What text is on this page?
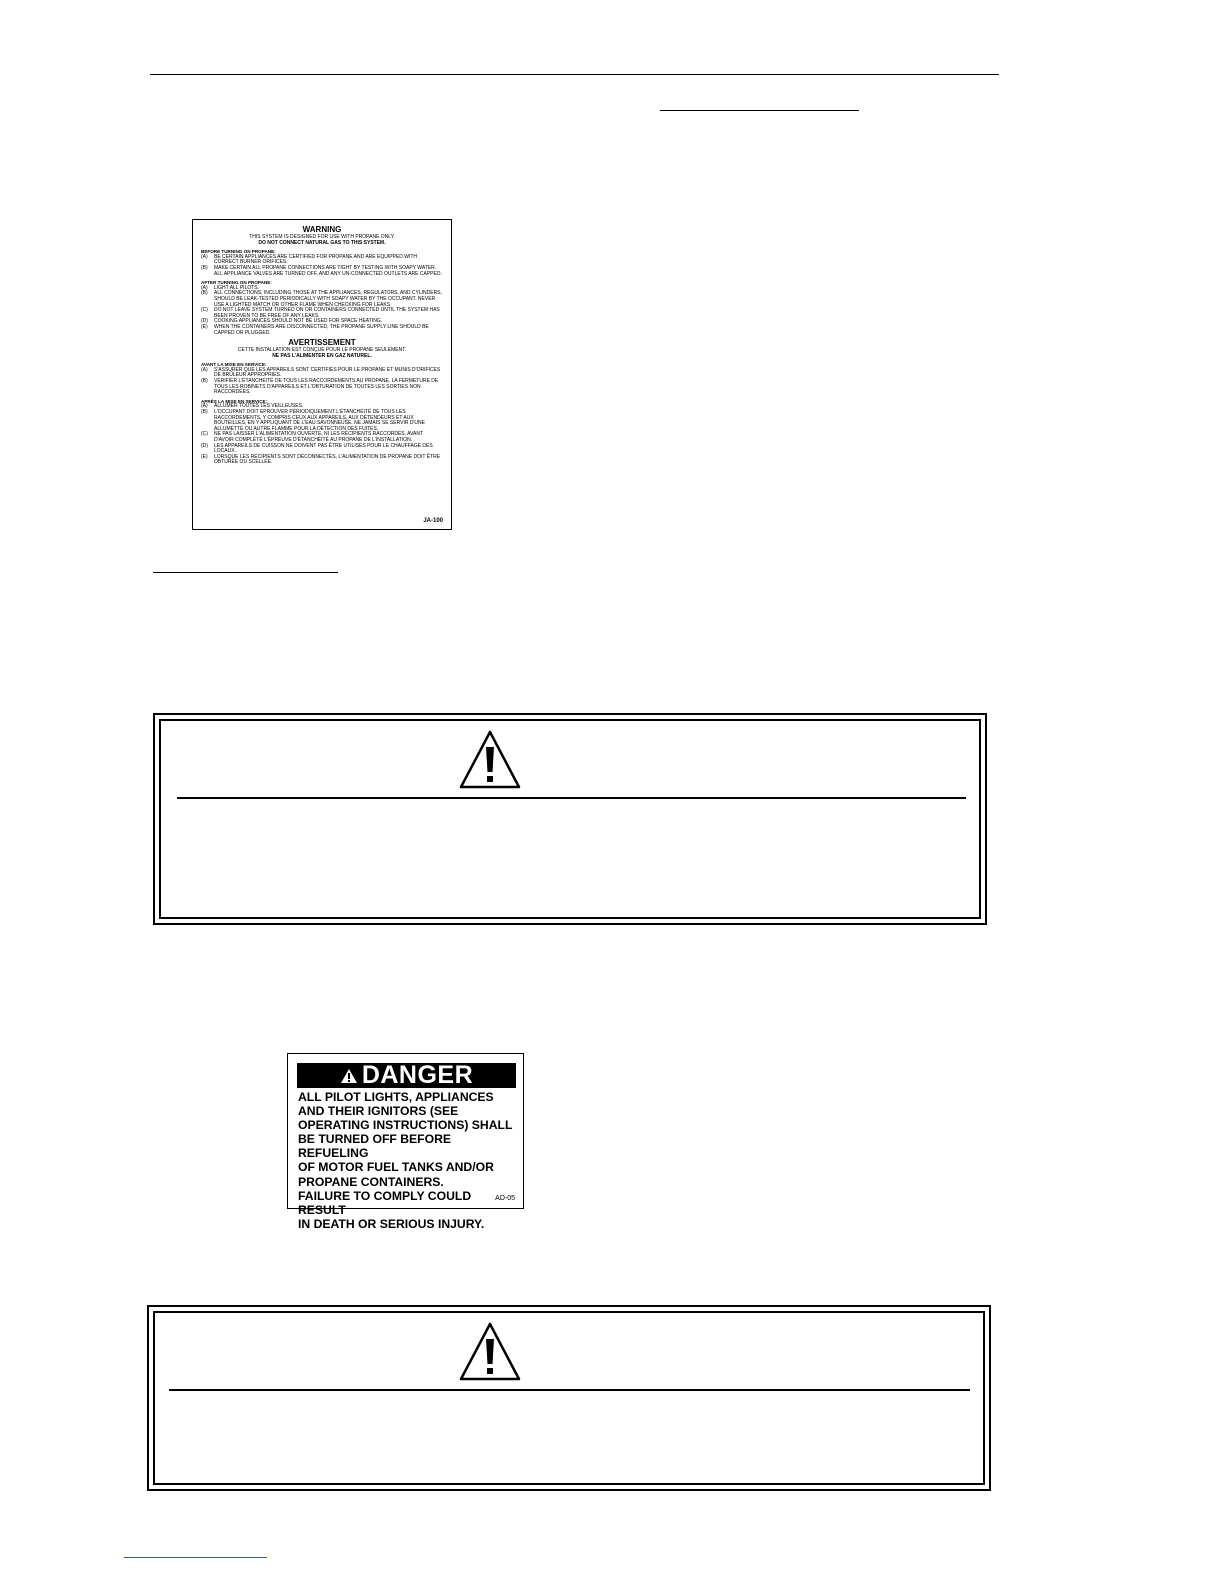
WARNING
THIS SYSTEM IS DESIGNED FOR USE WITH PROPANE ONLY.
DO NOT CONNECT NATURAL GAS TO THIS SYSTEM.
BEFORE TURNING ON PROPANE:
(A)	BE CERTAIN APPLIANCES ARE CERTIFIED FOR PROPANE AND ARE EQUIPPED WITH CORRECT BURNER ORIFICES.
(B)	MAKE CERTAIN ALL PROPANE CONNECTIONS ARE TIGHT BY TESTING WITH SOAPY WATER. ALL APPLIANCE VALVES ARE TURNED OFF, AND ANY UN-CONNECTED OUTLETS ARE CAPPED.
AFTER TURNING ON PROPANE:
(A)	LIGHT ALL PILOTS.
(B)	ALL CONNECTIONS, INCLUDING THOSE AT THE APPLIANCES, REGULATORS, AND CYLINDERS, SHOULD BE LEAK-TESTED PERIODICALLY WITH SOAPY WATER BY THE OCCUPANT. NEVER USE A LIGHTED MATCH OR OTHER FLAME WHEN CHECKING FOR LEAKS.
(C)	DO NOT LEAVE SYSTEM TURNED ON OR CONTAINERS CONNECTED UNTIL THE SYSTEM HAS BEEN PROVEN TO BE FREE OF ANY LEAKS.
(D)	COOKING APPLIANCES SHOULD NOT BE USED FOR SPACE HEATING.
(E)	WHEN THE CONTAINERS ARE DISCONNECTED, THE PROPANE SUPPLY LINE SHOULD BE CAPPED OR PLUGGED.
AVERTISSEMENT
CETTE INSTALLATION EST CONÇUE POUR LE PROPANE SEULEMENT.
NE PAS L'ALIMENTER EN GAZ NATUREL.
AVANT LA MISE EN SERVICE:
(A)	S'ASSURER QUE LES APPAREILS SONT CERTIFIÉS POUR LE PROPANE ET MUNIS D'ORIFICES DE BRÛLEUR APPROPRIÉS.
(B)	VÉRIFIER L'ÉTANCHÉITÉ DE TOUS LES RACCORDEMENTS AU PROPANE, LA FERMETURE DE TOUS LES ROBINETS D'APPAREILS ET L'OBTURATION DE TOUTES LES SORTIES NON RACCORDÉES.
APRÈS LA MISE EN SERVICE:
(A)	ALLUMER TOUTES LES VEILLEUSES.
(B)	L'OCCUPANT DOIT EPROUVER PÉRIODIQUEMENT L'ÉTANCHÉITÉ DE TOUS LES RACCORDEMENTS, Y COMPRIS CEUX AUX APPAREILS, AUX DÉTENDEURS ET AUX BOUTEILLES, EN Y APPLIQUANT DE L'EAU SAVONNEUSE. NE JAMAIS SE SERVIR D'UNE ALLUMETTE OU AUTRE FLAMME POUR LA DÉTECTION DES FUITES.
(C)	NE PAS LAISSER L'ALIMENTATION OUVERTE, NI LES RÉCIPIENTS RACCORDÉS, AVANT D'AVOIR COMPLÉTÉ L'ÉPREUVE D'ÉTANCHÉITÉ AU PROPANE DE L'INSTALLATION.
(D)	LES APPAREILS DE CUISSON NE DOIVENT PAS ÊTRE UTILISÉS POUR LE CHAUFFAGE DES LOCAUX.
(E)	LORSQUE LES RÉCIPIENTS SONT DÉCONNECTÉS, L'ALIMENTATION DE PROPANE DOIT ÊTRE OBTURÉE OU SCELLÉE.
JA-100
DANGER
ALL PILOT LIGHTS, APPLIANCES
AND THEIR IGNITORS (SEE
OPERATING INSTRUCTIONS) SHALL
BE TURNED OFF BEFORE REFUELING
OF MOTOR FUEL TANKS AND/OR
PROPANE CONTAINERS.
FAILURE TO COMPLY COULD RESULT
IN DEATH OR SERIOUS INJURY.
AD-05
